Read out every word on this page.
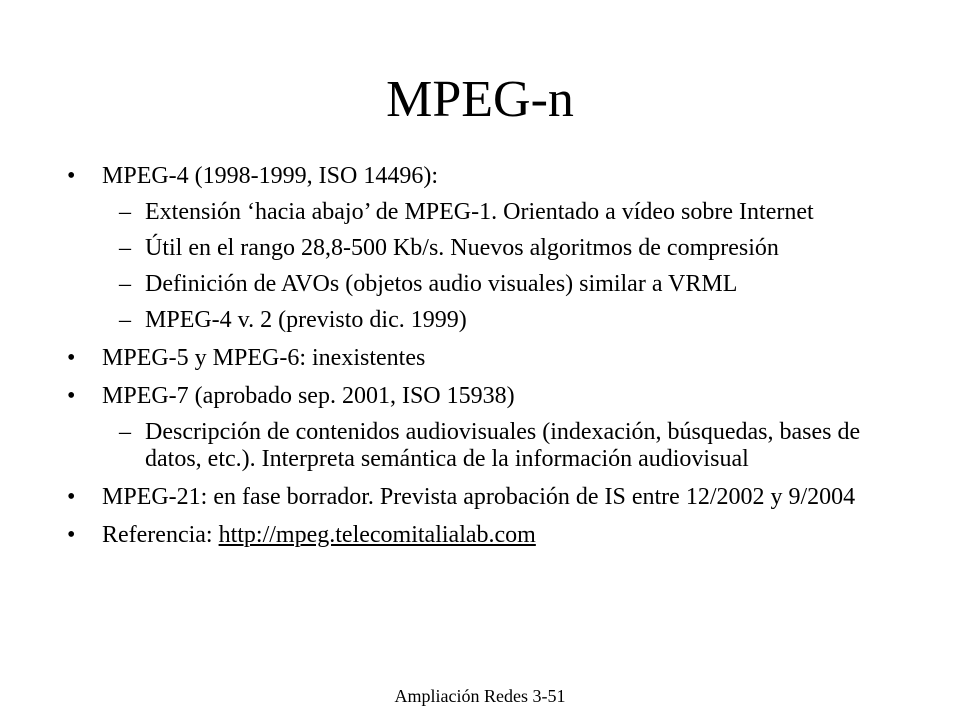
MPEG-n
• MPEG-4 (1998-1999, ISO 14496):
– Extensión ‘hacia abajo’ de MPEG-1. Orientado a vídeo sobre Internet
– Útil en el rango 28,8-500 Kb/s. Nuevos algoritmos de compresión
– Definición de AVOs (objetos audio visuales) similar a VRML
– MPEG-4 v. 2 (previsto dic. 1999)
• MPEG-5 y MPEG-6: inexistentes
• MPEG-7 (aprobado sep. 2001, ISO 15938)
– Descripción de contenidos audiovisuales (indexación, búsquedas, bases de datos, etc.). Interpreta semántica de la información audiovisual
• MPEG-21: en fase borrador. Prevista aprobación de IS entre 12/2002 y 9/2004
• Referencia: http://mpeg.telecomitalialab.com
Ampliación Redes 3-51
